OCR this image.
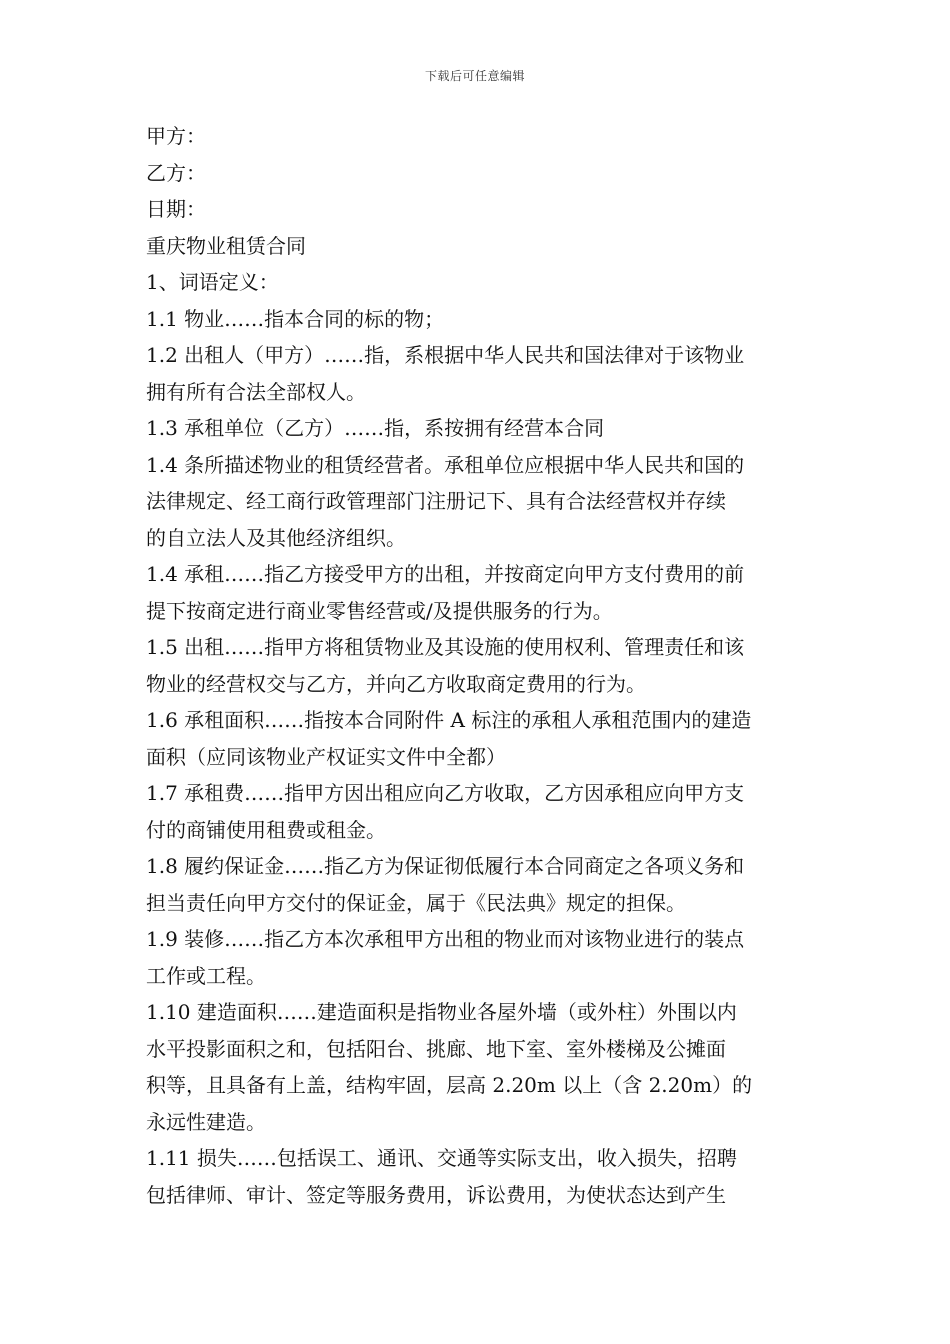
下载后可任意编辑
甲方：
乙方：
日期：
重庆物业租赁合同
1、词语定义：
1.1 物业……指本合同的标的物；
1.2 出租人（甲方）……指，系根据中华人民共和国法律对于该物业
拥有所有合法全部权人。
1.3 承租单位（乙方）……指，系按拥有经营本合同
1.4 条所描述物业的租赁经营者。承租单位应根据中华人民共和国的
法律规定、经工商行政管理部门注册记下、具有合法经营权并存续
的自立法人及其他经济组织。
1.4 承租……指乙方接受甲方的出租，并按商定向甲方支付费用的前
提下按商定进行商业零售经营或/及提供服务的行为。
1.5 出租……指甲方将租赁物业及其设施的使用权利、管理责任和该
物业的经营权交与乙方，并向乙方收取商定费用的行为。
1.6 承租面积……指按本合同附件 A 标注的承租人承租范围内的建造
面积（应同该物业产权证实文件中全都）
1.7 承租费……指甲方因出租应向乙方收取，乙方因承租应向甲方支
付的商铺使用租费或租金。
1.8 履约保证金……指乙方为保证彻低履行本合同商定之各项义务和
担当责任向甲方交付的保证金，属于《民法典》规定的担保。
1.9 装修……指乙方本次承租甲方出租的物业而对该物业进行的装点
工作或工程。
1.10 建造面积……建造面积是指物业各屋外墙（或外柱）外围以内
水平投影面积之和，包括阳台、挑廊、地下室、室外楼梯及公摊面
积等，且具备有上盖，结构牢固，层高 2.20m 以上（含 2.20m）的
永远性建造。
1.11 损失……包括误工、通讯、交通等实际支出，收入损失，招聘
包括律师、审计、签定等服务费用，诉讼费用，为使状态达到产生
